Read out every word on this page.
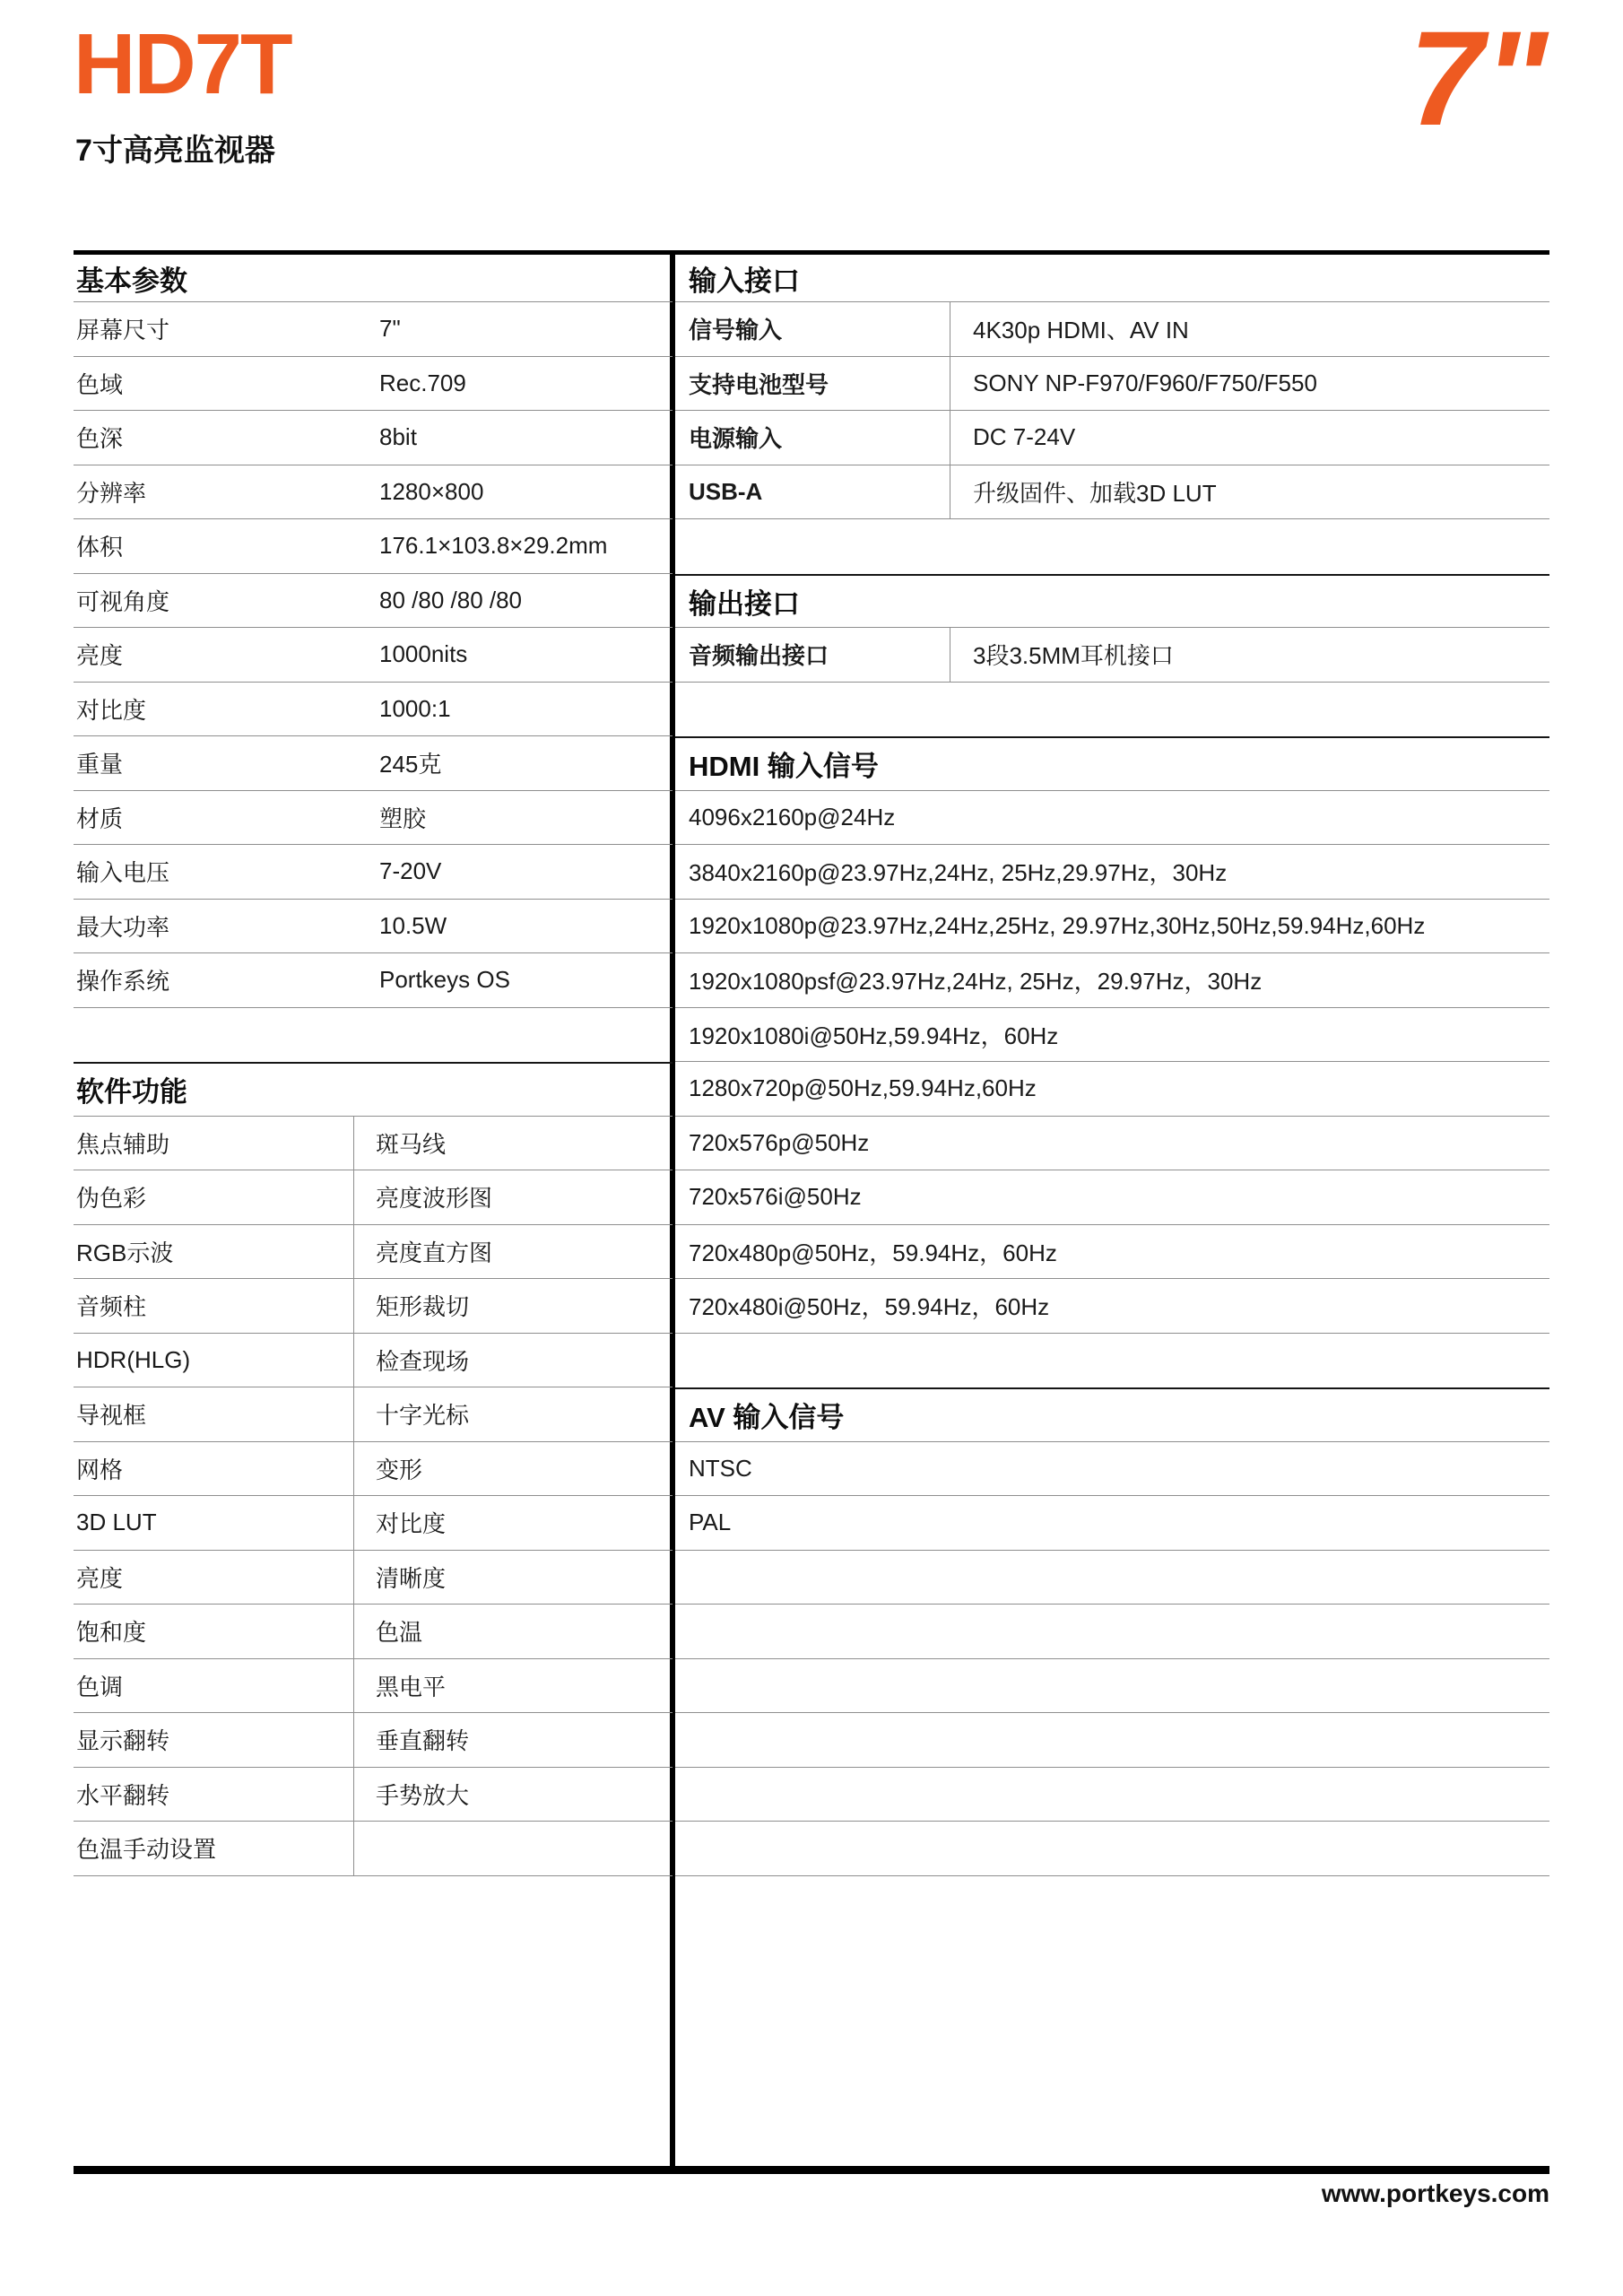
HD7T
7寸高亮监视器	7"
基本参数
屏幕尺寸	7"
色域	Rec.709
色深	8bit
分辨率	1280×800
体积	176.1×103.8×29.2mm
可视角度	80 /80 /80 /80
亮度	1000nits
对比度	1000:1
重量	245克
材质	塑胶
输入电压	7-20V
最大功率	10.5W
操作系统	Portkeys OS
软件功能
焦点辅助	斑马线
伪色彩	亮度波形图
RGB示波	亮度直方图
音频柱	矩形裁切
HDR(HLG)	检查现场
导视框	十字光标
网格	变形
3D LUT	对比度
亮度	清晰度
饱和度	色温
色调	黑电平
显示翻转	垂直翻转
水平翻转	手势放大
色温手动设置
输入接口
信号输入	4K30p HDMI、AV IN
支持电池型号	SONY NP-F970/F960/F750/F550
电源输入	DC 7-24V
USB-A	升级固件、加载3D LUT
输出接口
音频输出接口	3段3.5MM耳机接口
HDMI 输入信号
4096x2160p@24Hz
3840x2160p@23.97Hz,24Hz, 25Hz,29.97Hz，30Hz
1920x1080p@23.97Hz,24Hz,25Hz, 29.97Hz,30Hz,50Hz,59.94Hz,60Hz
1920x1080psf@23.97Hz,24Hz, 25Hz，29.97Hz，30Hz
1920x1080i@50Hz,59.94Hz，60Hz
1280x720p@50Hz,59.94Hz,60Hz
720x576p@50Hz
720x576i@50Hz
720x480p@50Hz，59.94Hz，60Hz
720x480i@50Hz，59.94Hz，60Hz
AV 输入信号
NTSC
PAL
www.portkeys.com
